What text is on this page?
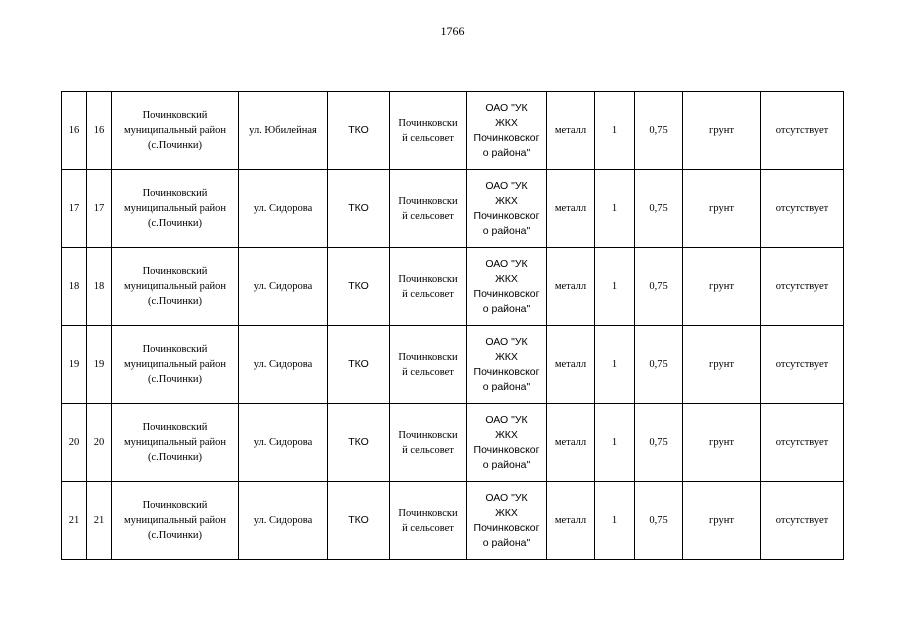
1766
16	16	Починковский
муниципальный район
(с.Починки)	ул. Юбилейная	ТКО	Починковски
й сельсовет	ОАО "УК
ЖКХ
Починковског
о района"	металл	1	0,75	грунт	отсутствует
17	17	Починковский
муниципальный район
(с.Починки)	ул. Сидорова	ТКО	Починковски
й сельсовет	ОАО "УК
ЖКХ
Починковског
о района"	металл	1	0,75	грунт	отсутствует
18	18	Починковский
муниципальный район
(с.Починки)	ул. Сидорова	ТКО	Починковски
й сельсовет	ОАО "УК
ЖКХ
Починковског
о района"	металл	1	0,75	грунт	отсутствует
19	19	Починковский
муниципальный район
(с.Починки)	ул. Сидорова	ТКО	Починковски
й сельсовет	ОАО "УК
ЖКХ
Починковског
о района"	металл	1	0,75	грунт	отсутствует
20	20	Починковский
муниципальный район
(с.Починки)	ул. Сидорова	ТКО	Починковски
й сельсовет	ОАО "УК
ЖКХ
Починковског
о района"	металл	1	0,75	грунт	отсутствует
21	21	Починковский
муниципальный район
(с.Починки)	ул. Сидорова	ТКО	Починковски
й сельсовет	ОАО "УК
ЖКХ
Починковског
о района"	металл	1	0,75	грунт	отсутствует
